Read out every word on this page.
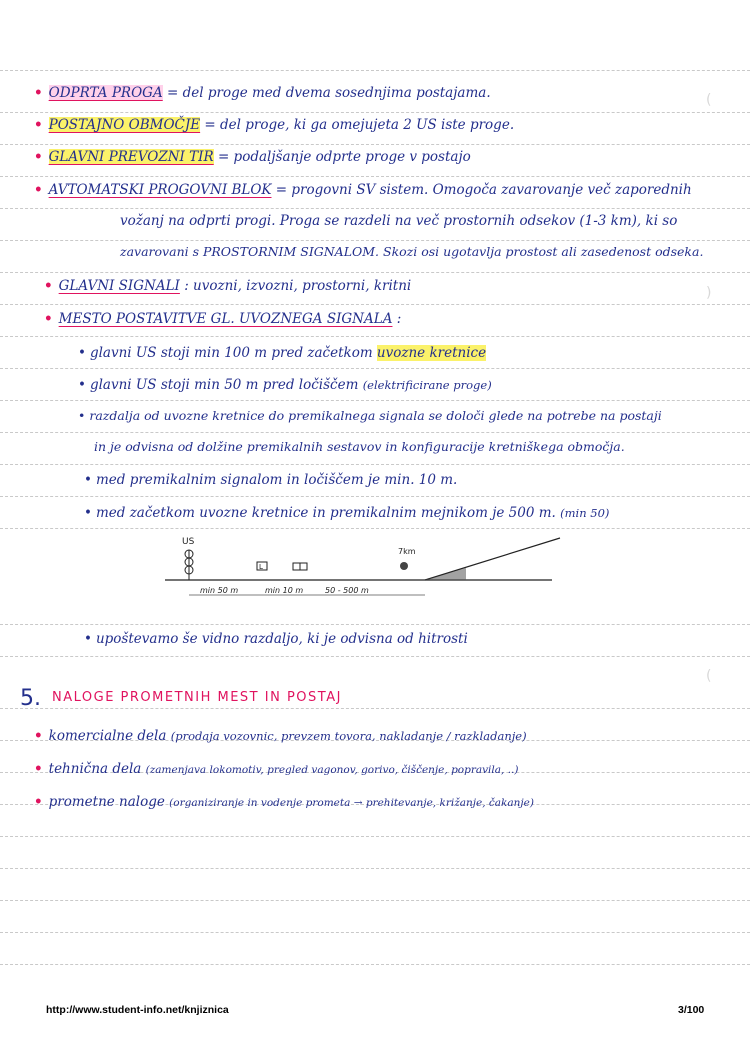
(
)
(
• ODPRTA PROGA = del proge med dvema sosednjima postajama.
• POSTAJNO OBMOČJE = del proge, ki ga omejujeta 2 US iste proge.
• GLAVNI PREVOZNI TIR = podaljšanje odprte proge v postajo
• AVTOMATSKI PROGOVNI BLOK = progovni SV sistem. Omogoča zavarovanje več zaporednih
vožanj na odprti progi. Proga se razdeli na več prostornih odsekov (1-3 km), ki so
zavarovani s PROSTORNIM SIGNALOM. Skozi osi ugotavlja prostost ali zasedenost odseka.
• GLAVNI SIGNALI : uvozni, izvozni, prostorni, kritni
• MESTO POSTAVITVE GL. UVOZNEGA SIGNALA :
• glavni US stoji min 100 m pred začetkom uvozne kretnice
• glavni US stoji min 50 m pred ločiščem (elektrificirane proge)
• razdalja od uvozne kretnice do premikalnega signala se določi glede na potrebe na postaji
in je odvisna od dolžine premikalnih sestavov in konfiguracije kretniškega območja.
• med premikalnim signalom in ločiščem je min. 10 m.
• med začetkom uvozne kretnice in premikalnim mejnikom je 500 m. (min 50)
US
L
7km
min 50 m	min 10 m	50 - 500 m
• upoštevamo še vidno razdaljo, ki je odvisna od hitrosti
5. NALOGE PROMETNIH MEST IN POSTAJ
• komercialne dela (prodaja vozovnic, prevzem tovora, nakladanje / razkladanje)
• tehnična dela (zamenjava lokomotiv, pregled vagonov, gorivo, čiščenje, popravila, ..)
• prometne naloge (organiziranje in vodenje prometa → prehitevanje, križanje, čakanje)
http://www.student-info.net/knjiznica	3/100
